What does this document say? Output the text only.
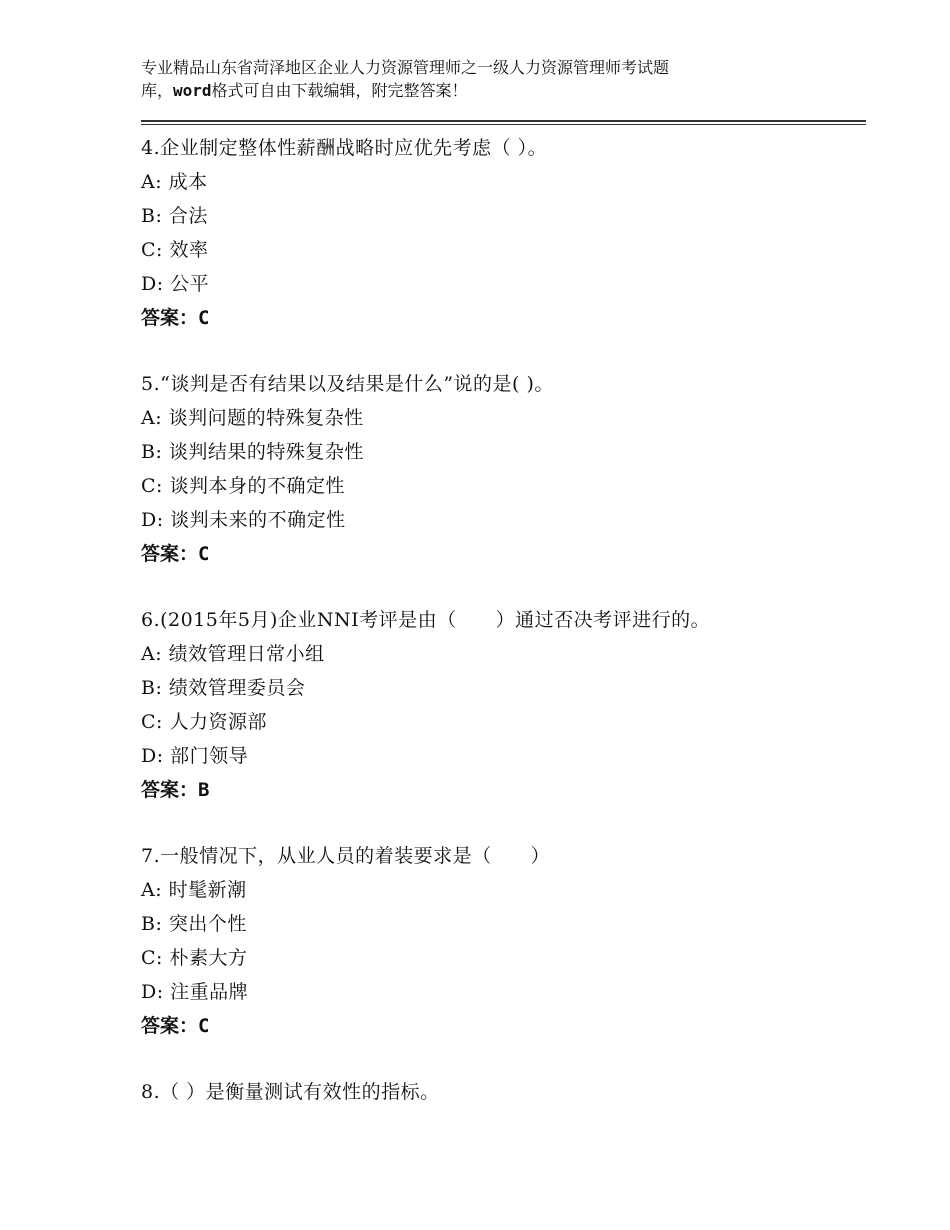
专业精品山东省菏泽地区企业人力资源管理师之一级人力资源管理师考试题
库，word格式可自由下载编辑，附完整答案！
4.企业制定整体性薪酬战略时应优先考虑（ ）。
A: 成本
B: 合法
C: 效率
D: 公平
答案：C
5.“谈判是否有结果以及结果是什么”说的是( )。
A: 谈判问题的特殊复杂性
B: 谈判结果的特殊复杂性
C: 谈判本身的不确定性
D: 谈判未来的不确定性
答案：C
6.(2015年5月)企业NNI考评是由（　　）通过否决考评进行的。
A: 绩效管理日常小组
B: 绩效管理委员会
C: 人力资源部
D: 部门领导
答案：B
7.一般情况下，从业人员的着装要求是（　　）
A: 时髦新潮
B: 突出个性
C: 朴素大方
D: 注重品牌
答案：C
8.（ ）是衡量测试有效性的指标。
